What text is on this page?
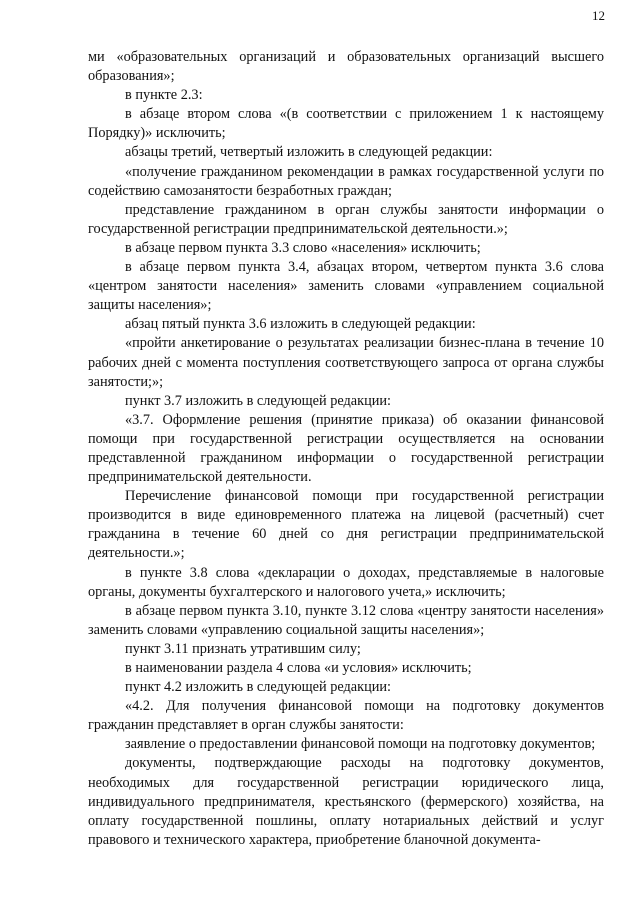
12

ми «образовательных организаций и образовательных организаций высшего образования»;

в пункте 2.3:

в абзаце втором слова «(в соответствии с приложением 1 к настоящему Порядку)» исключить;

абзацы третий, четвертый изложить в следующей редакции:

«получение гражданином рекомендации в рамках государственной услуги по содействию самозанятости безработных граждан;

представление гражданином в орган службы занятости информации о государственной регистрации предпринимательской деятельности.»;

в абзаце первом пункта 3.3 слово «населения» исключить;

в абзаце первом пункта 3.4, абзацах втором, четвертом пункта 3.6 слова «центром занятости населения» заменить словами «управлением социальной защиты населения»;

абзац пятый пункта 3.6 изложить в следующей редакции:

«пройти анкетирование о результатах реализации бизнес-плана в течение 10 рабочих дней с момента поступления соответствующего запроса от органа службы занятости;»;

пункт 3.7 изложить в следующей редакции:

«3.7. Оформление решения (принятие приказа) об оказании финансовой помощи при государственной регистрации осуществляется на основании представленной гражданином информации о государственной регистрации предпринимательской деятельности.

Перечисление финансовой помощи при государственной регистрации производится в виде единовременного платежа на лицевой (расчетный) счет гражданина в течение 60 дней со дня регистрации предпринимательской деятельности.»;

в пункте 3.8 слова «декларации о доходах, представляемые в налоговые органы, документы бухгалтерского и налогового учета,» исключить;

в абзаце первом пункта 3.10, пункте 3.12 слова «центру занятости населения» заменить словами «управлению социальной защиты населения»;

пункт 3.11 признать утратившим силу;

в наименовании раздела 4 слова «и условия» исключить;

пункт 4.2 изложить в следующей редакции:

«4.2. Для получения финансовой помощи на подготовку документов гражданин представляет в орган службы занятости:

заявление о предоставлении финансовой помощи на подготовку документов;

документы, подтверждающие расходы на подготовку документов, необходимых для государственной регистрации юридического лица, индивидуального предпринимателя, крестьянского (фермерского) хозяйства, на оплату государственной пошлины, оплату нотариальных действий и услуг правового и технического характера, приобретение бланочной документа-
